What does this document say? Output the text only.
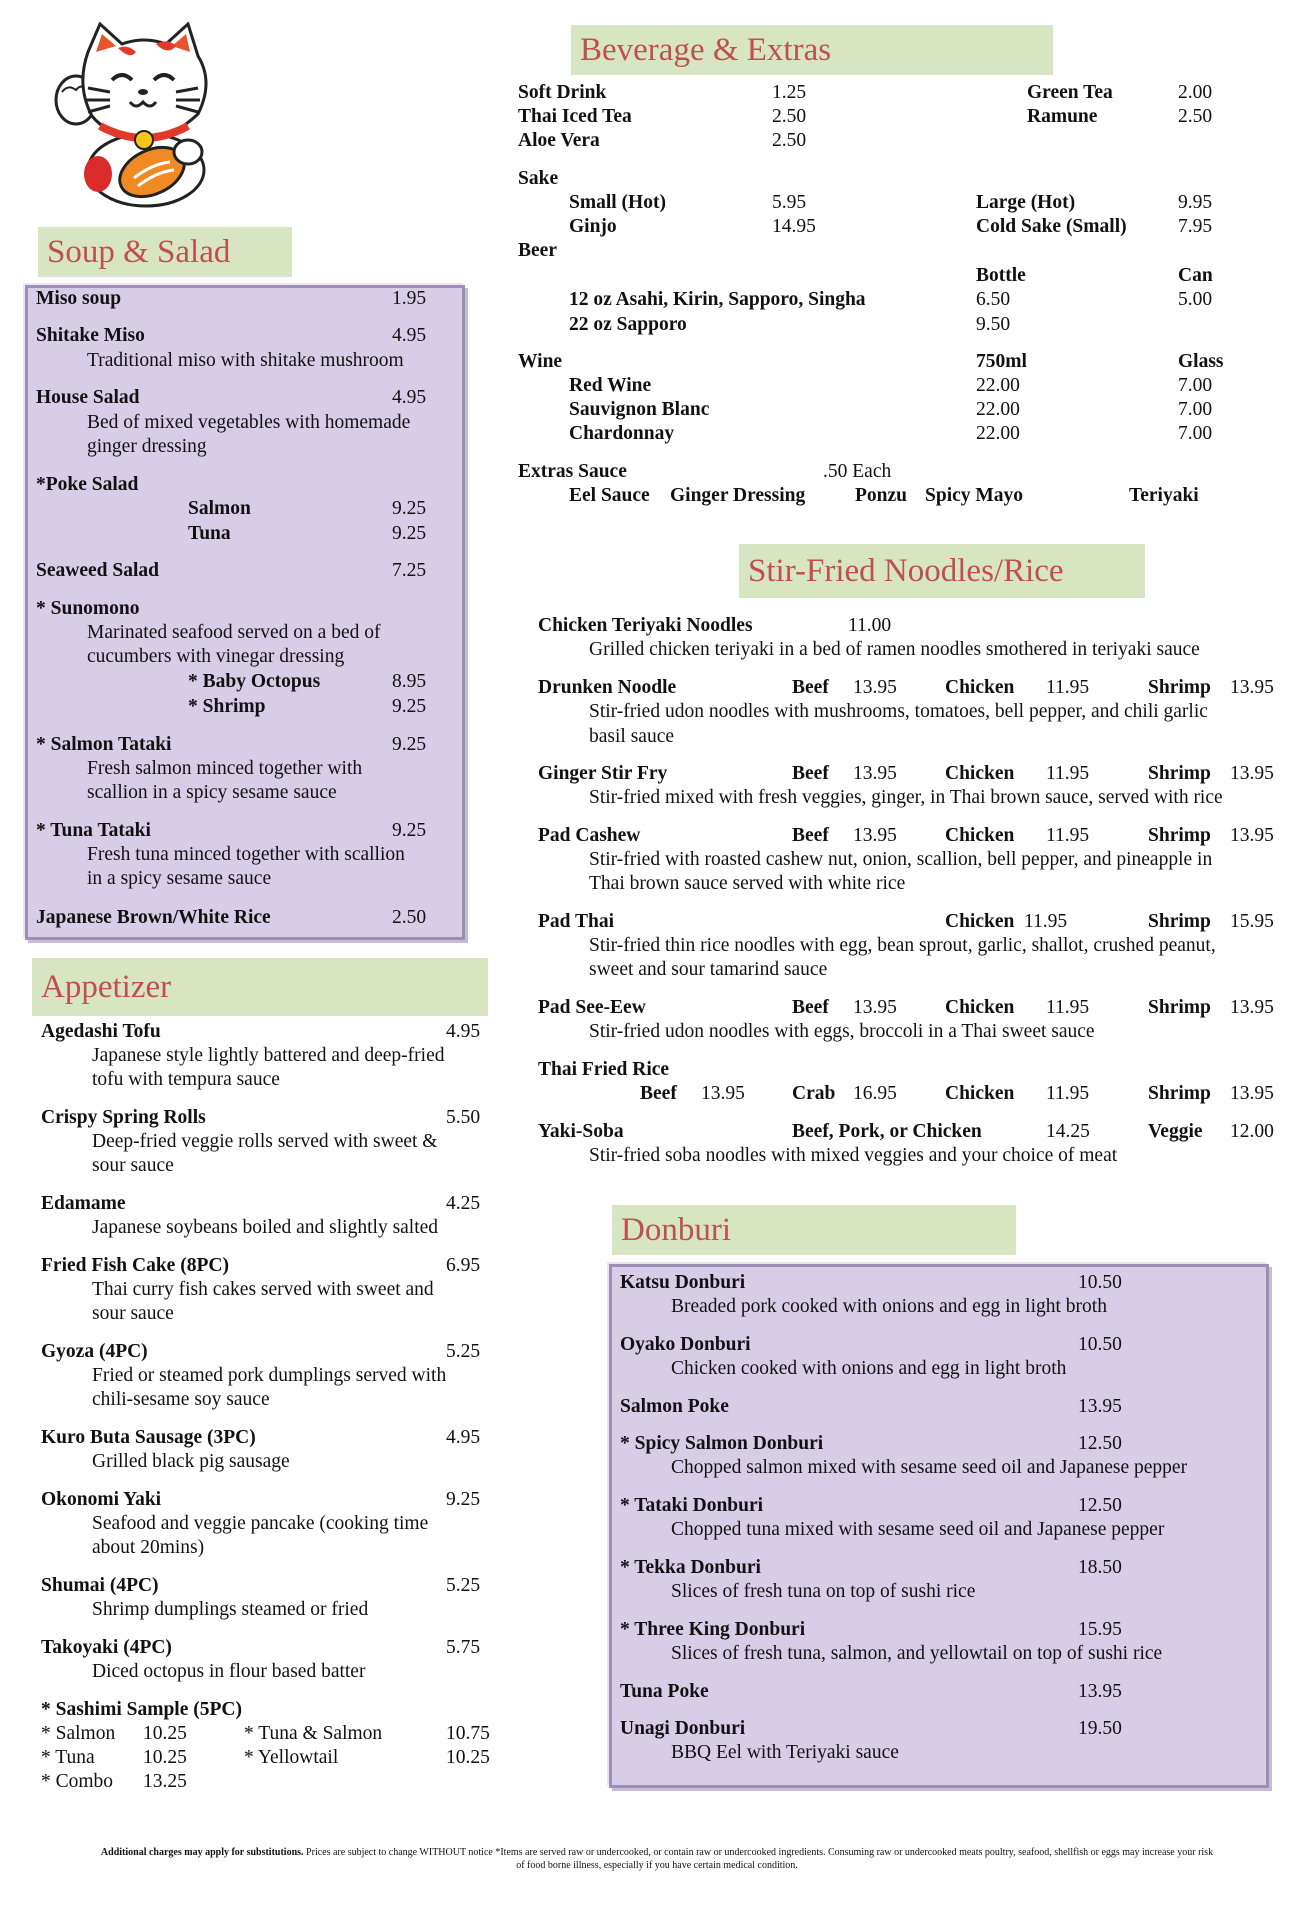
Soup & Salad
Miso soup	1.95
Shitake Miso	4.95
Traditional miso with shitake mushroom
House Salad	4.95
Bed of mixed vegetables with homemade
ginger dressing
*Poke Salad
Salmon	9.25
Tuna	9.25
Seaweed Salad	7.25
* Sunomono
Marinated seafood served on a bed of
cucumbers with vinegar dressing
* Baby Octopus	8.95
* Shrimp	9.25
* Salmon Tataki	9.25
Fresh salmon minced together with
scallion in a spicy sesame sauce
* Tuna Tataki	9.25
Fresh tuna minced together with scallion
in a spicy sesame sauce
Japanese Brown/White Rice	2.50
Appetizer
Agedashi Tofu	4.95
Japanese style lightly battered and deep-fried
tofu with tempura sauce
Crispy Spring Rolls	5.50
Deep-fried veggie rolls served with sweet &
sour sauce
Edamame	4.25
Japanese soybeans boiled and slightly salted
Fried Fish Cake (8PC)	6.95
Thai curry fish cakes served with sweet and
sour sauce
Gyoza (4PC)	5.25
Fried or steamed pork dumplings served with
chili-sesame soy sauce
Kuro Buta Sausage (3PC)	4.95
Grilled black pig sausage
Okonomi Yaki	9.25
Seafood and veggie pancake (cooking time
about 20mins)
Shumai (4PC)	5.25
Shrimp dumplings steamed or fried
Takoyaki (4PC)	5.75
Diced octopus in flour based batter
* Sashimi Sample (5PC)
* Salmon 10.25
* Tuna 10.25
* Combo 13.25
* Tuna & Salmon	10.75
* Yellowtail	10.25
Beverage & Extras
Soft Drink	1.25
Thai Iced Tea	2.50
Aloe Vera	2.50
Green Tea	2.00
Ramune	2.50
Sake
Small (Hot)	5.95
Ginjo	14.95
Large (Hot)	9.95
Cold Sake (Small)	7.95
Beer
Bottle	Can
12 oz Asahi, Kirin, Sapporo, Singha	6.50	5.00
22 oz Sapporo	9.50
Wine	750ml	Glass
Red Wine	22.00	7.00
Sauvignon Blanc	22.00	7.00
Chardonnay	22.00	7.00
Extras Sauce	.50 Each
Eel Sauce Ginger Dressing	Ponzu Spicy Mayo	Teriyaki
Stir-Fried Noodles/Rice
Chicken Teriyaki Noodles	11.00
Grilled chicken teriyaki in a bed of ramen noodles smothered in teriyaki sauce
Drunken Noodle	Beef 13.95 Chicken 11.95	Shrimp 13.95
Stir-fried udon noodles with mushrooms, tomatoes, bell pepper, and chili garlic
basil sauce
Ginger Stir Fry	Beef 13.95 Chicken 11.95	Shrimp 13.95
Stir-fried mixed with fresh veggies, ginger, in Thai brown sauce, served with rice
Pad Cashew	Beef 13.95 Chicken 11.95	Shrimp 13.95
Stir-fried with roasted cashew nut, onion, scallion, bell pepper, and pineapple in
Thai brown sauce served with white rice
Pad Thai	Chicken 11.95	Shrimp 15.95
Stir-fried thin rice noodles with egg, bean sprout, garlic, shallot, crushed peanut,
sweet and sour tamarind sauce
Pad See-Eew	Beef 13.95 Chicken 11.95	Shrimp 13.95
Stir-fried udon noodles with eggs, broccoli in a Thai sweet sauce
Thai Fried Rice
Beef 13.95 Crab 16.95 Chicken 11.95	Shrimp 13.95
Yaki-Soba	Beef, Pork, or Chicken	14.25	Veggie 12.00
Stir-fried soba noodles with mixed veggies and your choice of meat
Donburi
Katsu Donburi	10.50
Breaded pork cooked with onions and egg in light broth
Oyako Donburi	10.50
Chicken cooked with onions and egg in light broth
Salmon Poke	13.95
* Spicy Salmon Donburi	12.50
Chopped salmon mixed with sesame seed oil and Japanese pepper
* Tataki Donburi	12.50
Chopped tuna mixed with sesame seed oil and Japanese pepper
* Tekka Donburi	18.50
Slices of fresh tuna on top of sushi rice
* Three King Donburi	15.95
Slices of fresh tuna, salmon, and yellowtail on top of sushi rice
Tuna Poke	13.95
Unagi Donburi	19.50
BBQ Eel with Teriyaki sauce
Additional charges may apply for substitutions. Prices are subject to change WITHOUT notice *Items are served raw or undercooked, or contain raw or undercooked ingredients. Consuming raw or undercooked meats poultry, seafood, shellfish or eggs may increase your risk
of food borne illness, especially if you have certain medical condition.
